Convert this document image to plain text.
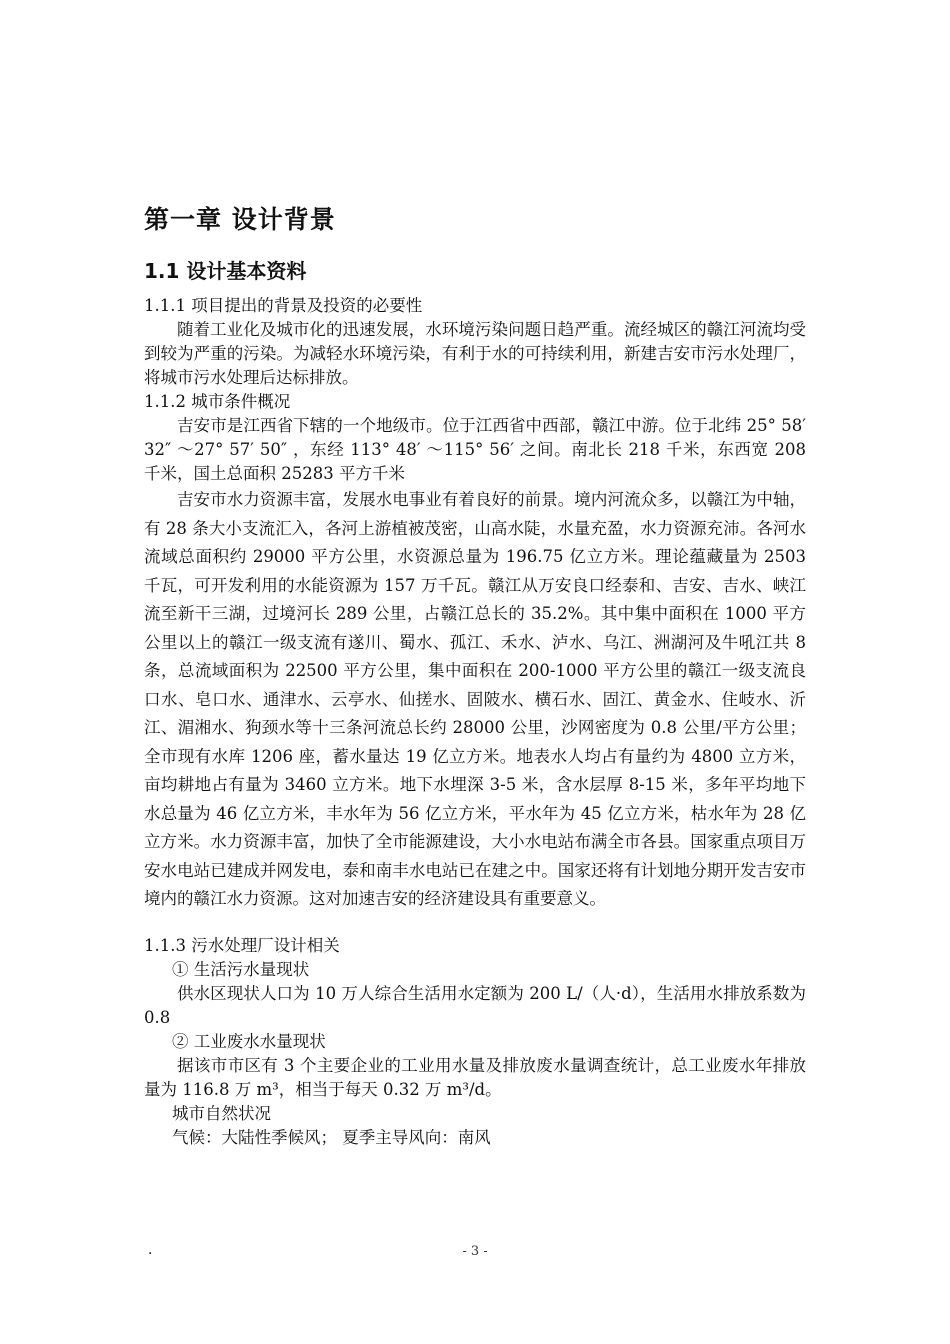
第一章 设计背景
1.1 设计基本资料
1.1.1 项目提出的背景及投资的必要性

随着工业化及城市化的迅速发展，水环境污染问题日趋严重。流经城区的赣江河流均受到较为严重的污染。为减轻水环境污染，有利于水的可持续利用，新建吉安市污水处理厂，将城市污水处理后达标排放。

1.1.2 城市条件概况

吉安市是江西省下辖的一个地级市。位于江西省中西部，赣江中游。位于北纬 25° 58′ 32″ ～27° 57′ 50″ ，东经 113° 48′ ～115° 56′ 之间。南北长 218 千米，东西宽 208 千米，国土总面积 25283 平方千米

吉安市水力资源丰富，发展水电事业有着良好的前景。境内河流众多，以赣江为中轴，有 28 条大小支流汇入，各河上游植被茂密，山高水陡，水量充盈，水力资源充沛。各河水流域总面积约 29000 平方公里，水资源总量为 196.75 亿立方米。理论蕴藏量为 2503 千瓦，可开发利用的水能资源为 157 万千瓦。赣江从万安良口经泰和、吉安、吉水、峡江流至新干三湖，过境河长 289 公里，占赣江总长的 35.2%。其中集中面积在 1000 平方公里以上的赣江一级支流有遂川、蜀水、孤江、禾水、泸水、乌江、洲湖河及牛吼江共 8 条，总流域面积为 22500 平方公里，集中面积在 200-1000 平方公里的赣江一级支流良口水、皂口水、通津水、云亭水、仙搓水、固陂水、横石水、固江、黄金水、住岐水、沂江、湄湘水、狗颈水等十三条河流总长约 28000 公里，沙网密度为 0.8 公里/平方公里；全市现有水库 1206 座，蓄水量达 19 亿立方米。地表水人均占有量约为 4800 立方米，亩均耕地占有量为 3460 立方米。地下水埋深 3-5 米，含水层厚 8-15 米，多年平均地下水总量为 46 亿立方米，丰水年为 56 亿立方米，平水年为 45 亿立方米，枯水年为 28 亿立方米。水力资源丰富，加快了全市能源建设，大小水电站布满全市各县。国家重点项目万安水电站已建成并网发电，泰和南丰水电站已在建之中。国家还将有计划地分期开发吉安市境内的赣江水力资源。这对加速吉安的经济建设具有重要意义。

1.1.3 污水处理厂设计相关
① 生活污水量现状

供水区现状人口为 10 万人综合生活用水定额为 200 L/（人·d），生活用水排放系数为 0.8

② 工业废水水量现状

据该市市区有 3 个主要企业的工业用水量及排放废水量调查统计，总工业废水年排放量为 116.8 万 m³，相当于每天 0.32 万 m³/d。

城市自然状况
气候：大陆性季候风； 夏季主导风向：南风
·	- 3 -
